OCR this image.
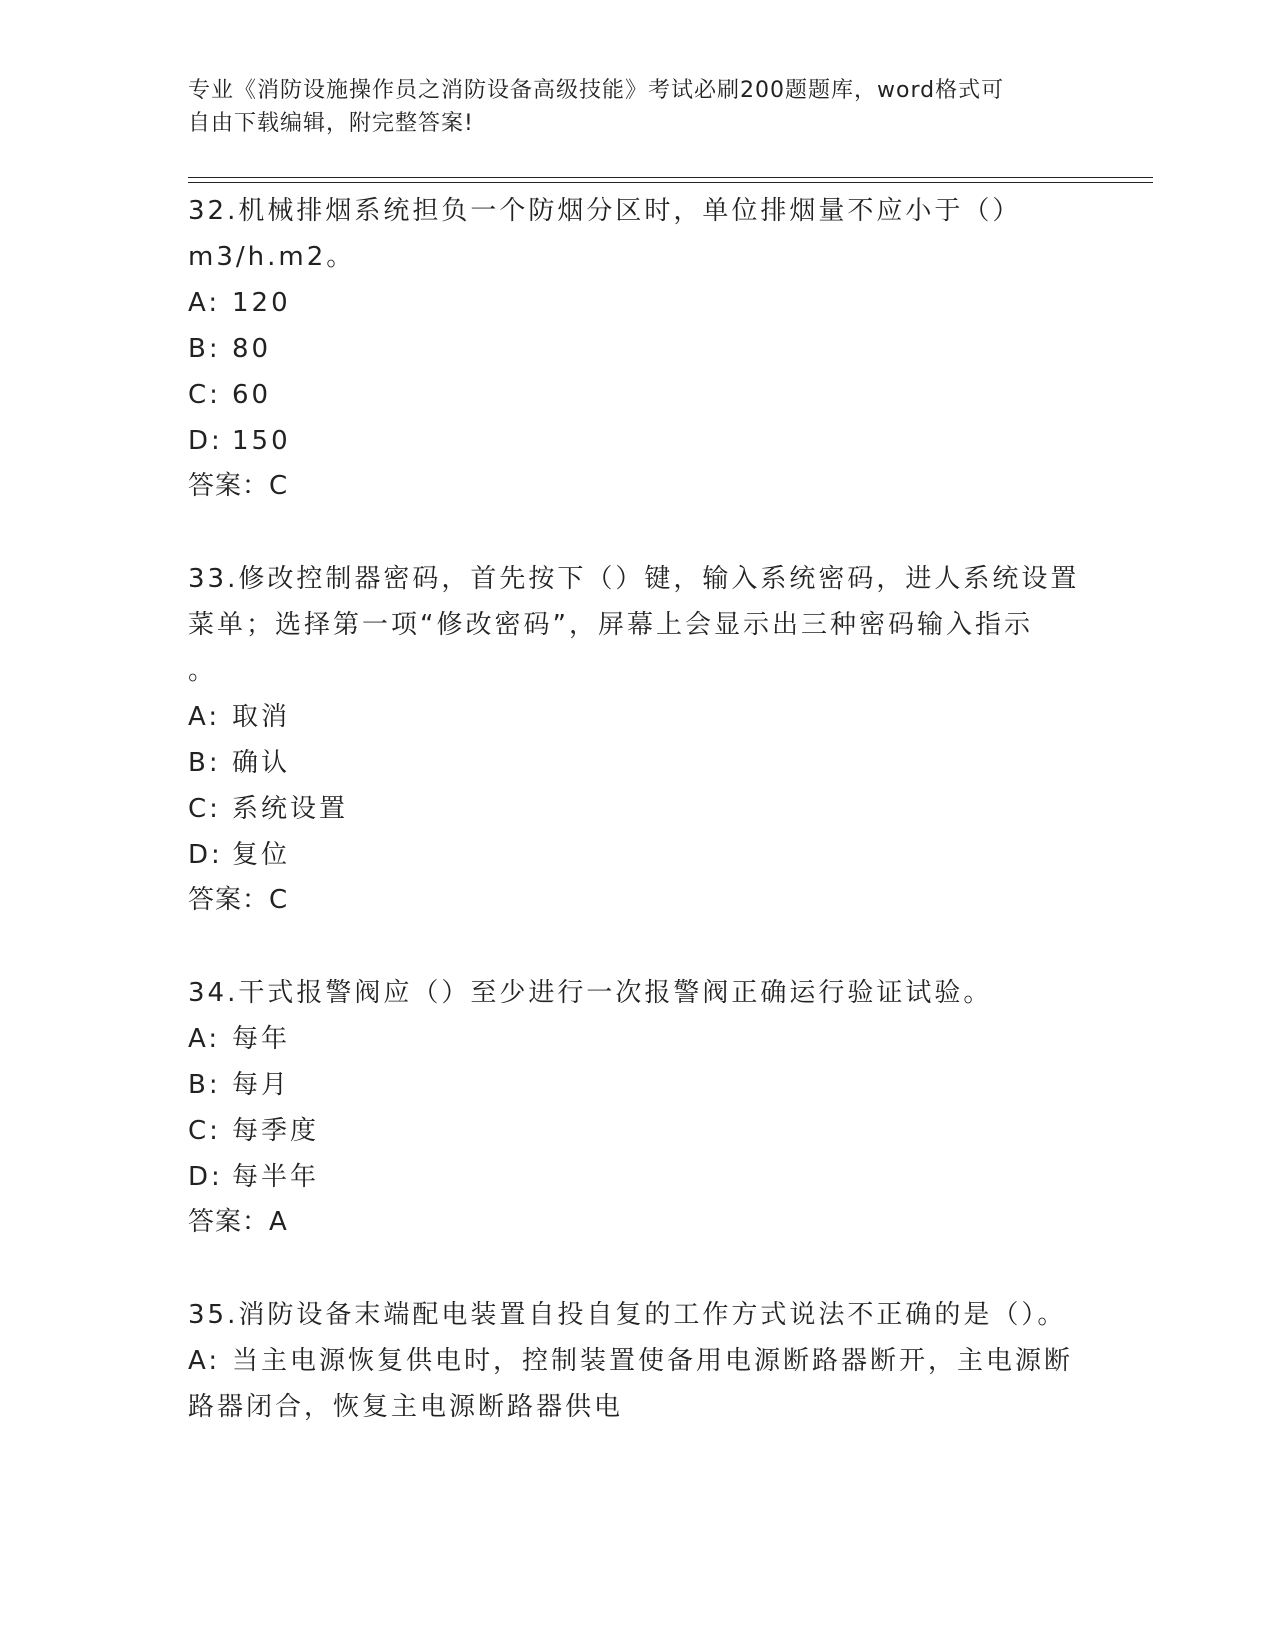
专业《消防设施操作员之消防设备高级技能》考试必刷200题题库，word格式可
自由下载编辑，附完整答案!

32.机械排烟系统担负一个防烟分区时，单位排烟量不应小于（）

m3/h.m2。

A: 120

B: 80

C: 60

D: 150

答案：C

33.修改控制器密码，首先按下（）键，输入系统密码，进人系统设置

菜单；选择第一项“修改密码”，屏幕上会显示出三种密码输入指示

。

A: 取消

B: 确认

C: 系统设置

D: 复位

答案：C

34.干式报警阀应（）至少进行一次报警阀正确运行验证试验。

A: 每年

B: 每月

C: 每季度

D: 每半年

答案：A

35.消防设备末端配电装置自投自复的工作方式说法不正确的是（）。

A: 当主电源恢复供电时，控制装置使备用电源断路器断开，主电源断

路器闭合，恢复主电源断路器供电
